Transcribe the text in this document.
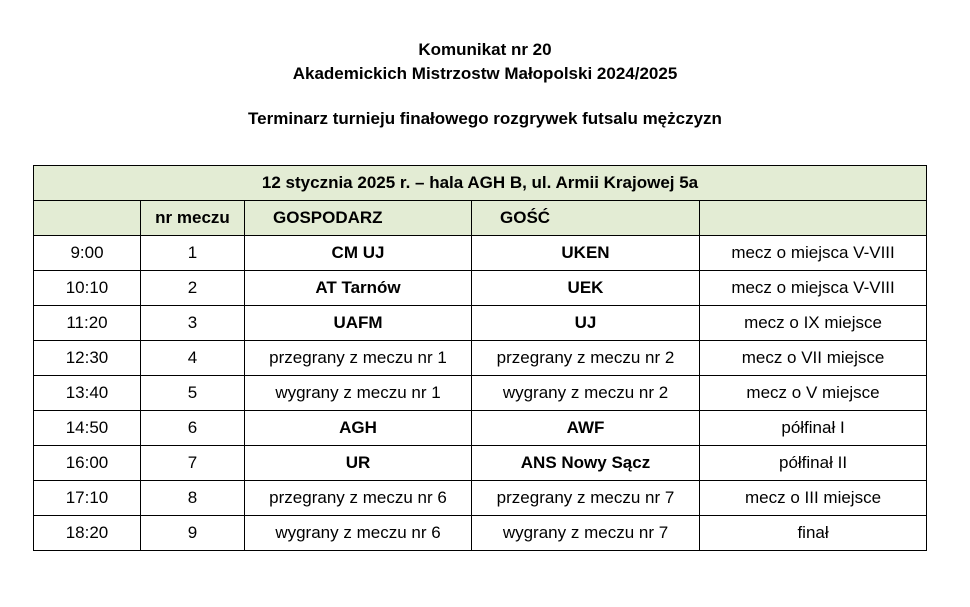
Komunikat nr 20
Akademickich Mistrzostw Małopolski 2024/2025
Terminarz turnieju finałowego rozgrywek futsalu mężczyzn
12 stycznia 2025 r. – hala AGH B, ul. Armii Krajowej 5a				
	nr meczu	GOSPODARZ	GOŚĆ	
9:00	1	CM UJ	UKEN	mecz o miejsca V-VIII
10:10	2	AT Tarnów	UEK	mecz o miejsca V-VIII
11:20	3	UAFM	UJ	mecz o IX miejsce
12:30	4	przegrany z meczu nr 1	przegrany z meczu nr 2	mecz o VII miejsce
13:40	5	wygrany z meczu nr 1	wygrany z meczu nr 2	mecz o V miejsce
14:50	6	AGH	AWF	półfinał I
16:00	7	UR	ANS Nowy Sącz	półfinał II
17:10	8	przegrany z meczu nr 6	przegrany z meczu nr 7	mecz o III miejsce
18:20	9	wygrany z meczu nr 6	wygrany z meczu nr 7	finał
